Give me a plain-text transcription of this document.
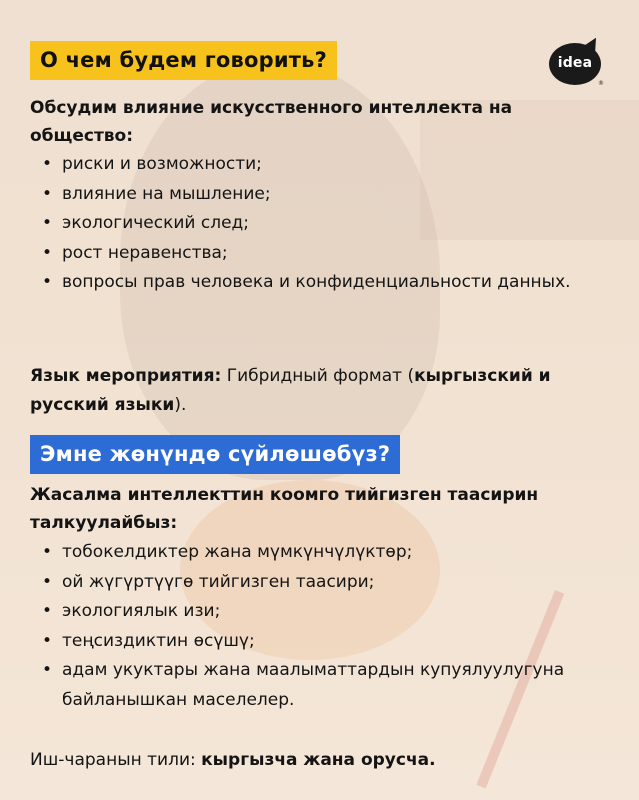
idea
®
О чем будем говорить?
Обсудим влияние искусственного интеллекта на общество:
• риски и возможности;
• влияние на мышление;
• экологический след;
• рост неравенства;
• вопросы прав человека и конфиденциальности данных.
Язык мероприятия: Гибридный формат (кыргызский и русский языки).
Эмне жөнүндө сүйлөшөбүз?
Жасалма интеллекттин коомго тийгизген таасирин талкуулайбыз:
• тобокелдиктер жана мүмкүнчүлүктөр;
• ой жүгүртүүгө тийгизген таасири;
• экологиялык изи;
• теңсиздиктин өсүшү;
• адам укуктары жана маалыматтардын купуялуулугуна байланышкан маселелер.
Иш-чаранын тили: кыргызча жана орусча.
